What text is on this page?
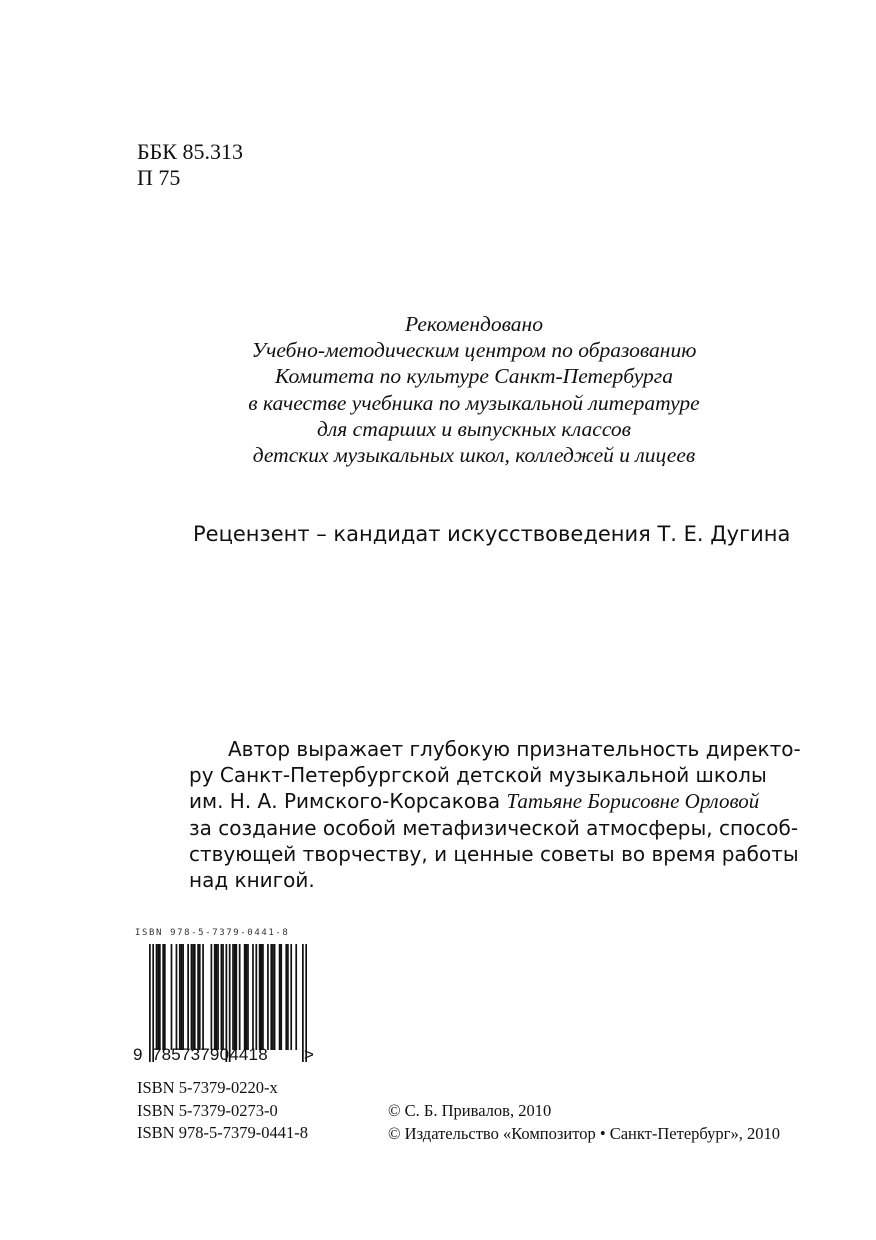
ББК 85.313
П 75
Рекомендовано
Учебно-методическим центром по образованию
Комитета по культуре Санкт-Петербурга
в качестве учебника по музыкальной литературе
для старших и выпускных классов
детских музыкальных школ, колледжей и лицеев
Рецензент – кандидат искусствоведения Т. Е. Дугина
Автор выражает глубокую признательность директо-
ру Санкт-Петербургской детской музыкальной школы
им. Н. А. Римского-Корсакова Татьяне Борисовне Орловой
за создание особой метафизической атмосферы, способ-
ствующей творчеству, и ценные советы во время работы
над книгой.
ISBN 978-5-7379-0441-8
9 785737904418 >
ISBN 5-7379-0220-x
ISBN 5-7379-0273-0
ISBN 978-5-7379-0441-8
© С. Б. Привалов, 2010
© Издательство «Композитор • Санкт-Петербург», 2010
